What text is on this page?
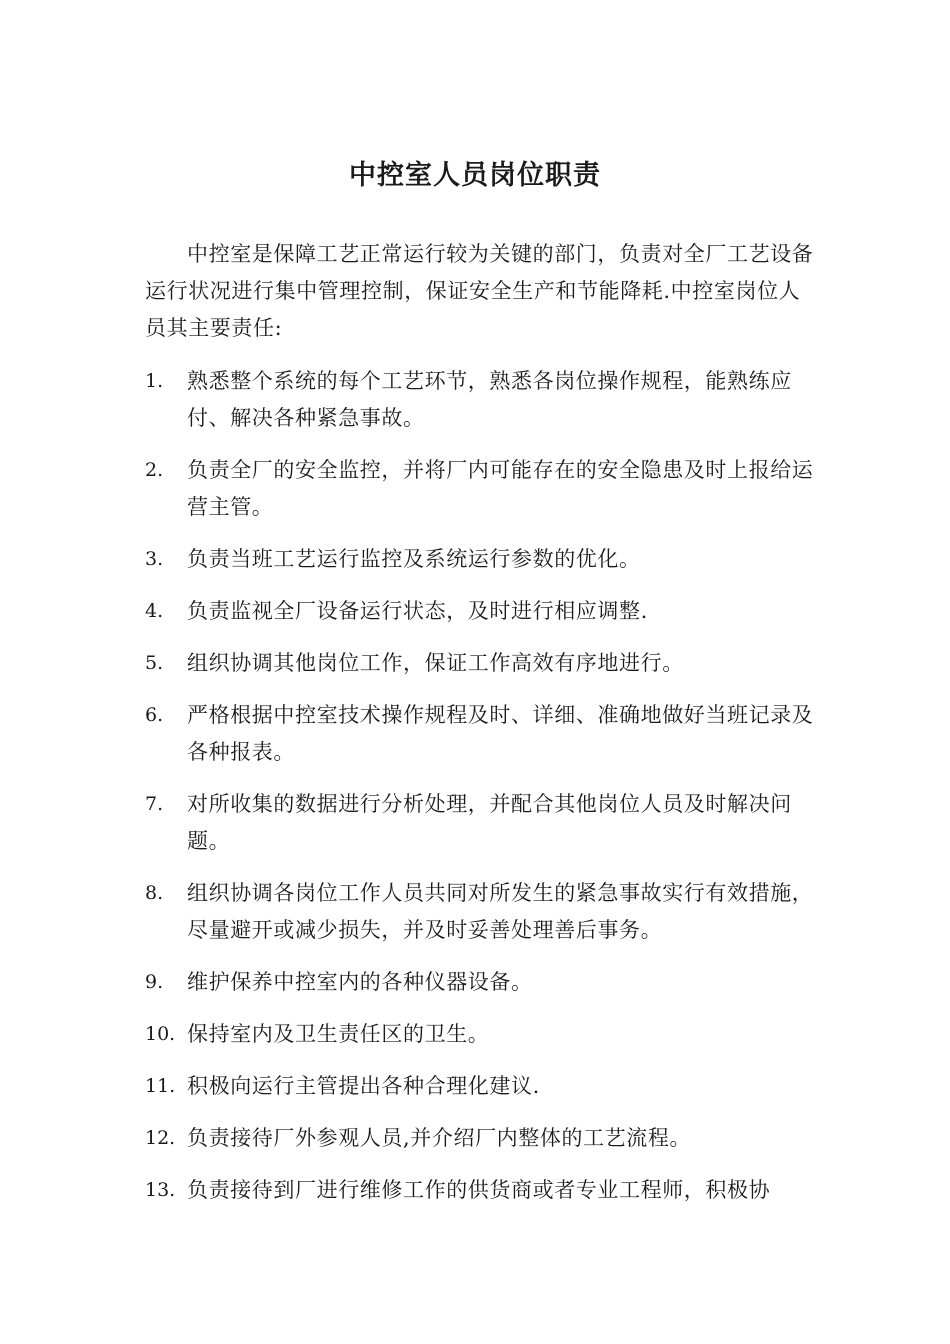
中控室人员岗位职责
中控室是保障工艺正常运行较为关键的部门，负责对全厂工艺设备运行状况进行集中管理控制，保证安全生产和节能降耗.中控室岗位人员其主要责任:
1. 熟悉整个系统的每个工艺环节，熟悉各岗位操作规程，能熟练应付、解决各种紧急事故。
2. 负责全厂的安全监控，并将厂内可能存在的安全隐患及时上报给运营主管。
3. 负责当班工艺运行监控及系统运行参数的优化。
4. 负责监视全厂设备运行状态，及时进行相应调整.
5. 组织协调其他岗位工作，保证工作高效有序地进行。
6. 严格根据中控室技术操作规程及时、详细、准确地做好当班记录及各种报表。
7. 对所收集的数据进行分析处理，并配合其他岗位人员及时解决问题。
8. 组织协调各岗位工作人员共同对所发生的紧急事故实行有效措施，尽量避开或减少损失，并及时妥善处理善后事务。
9. 维护保养中控室内的各种仪器设备。
10. 保持室内及卫生责任区的卫生。
11. 积极向运行主管提出各种合理化建议.
12. 负责接待厂外参观人员,并介绍厂内整体的工艺流程。
13. 负责接待到厂进行维修工作的供货商或者专业工程师，积极协
